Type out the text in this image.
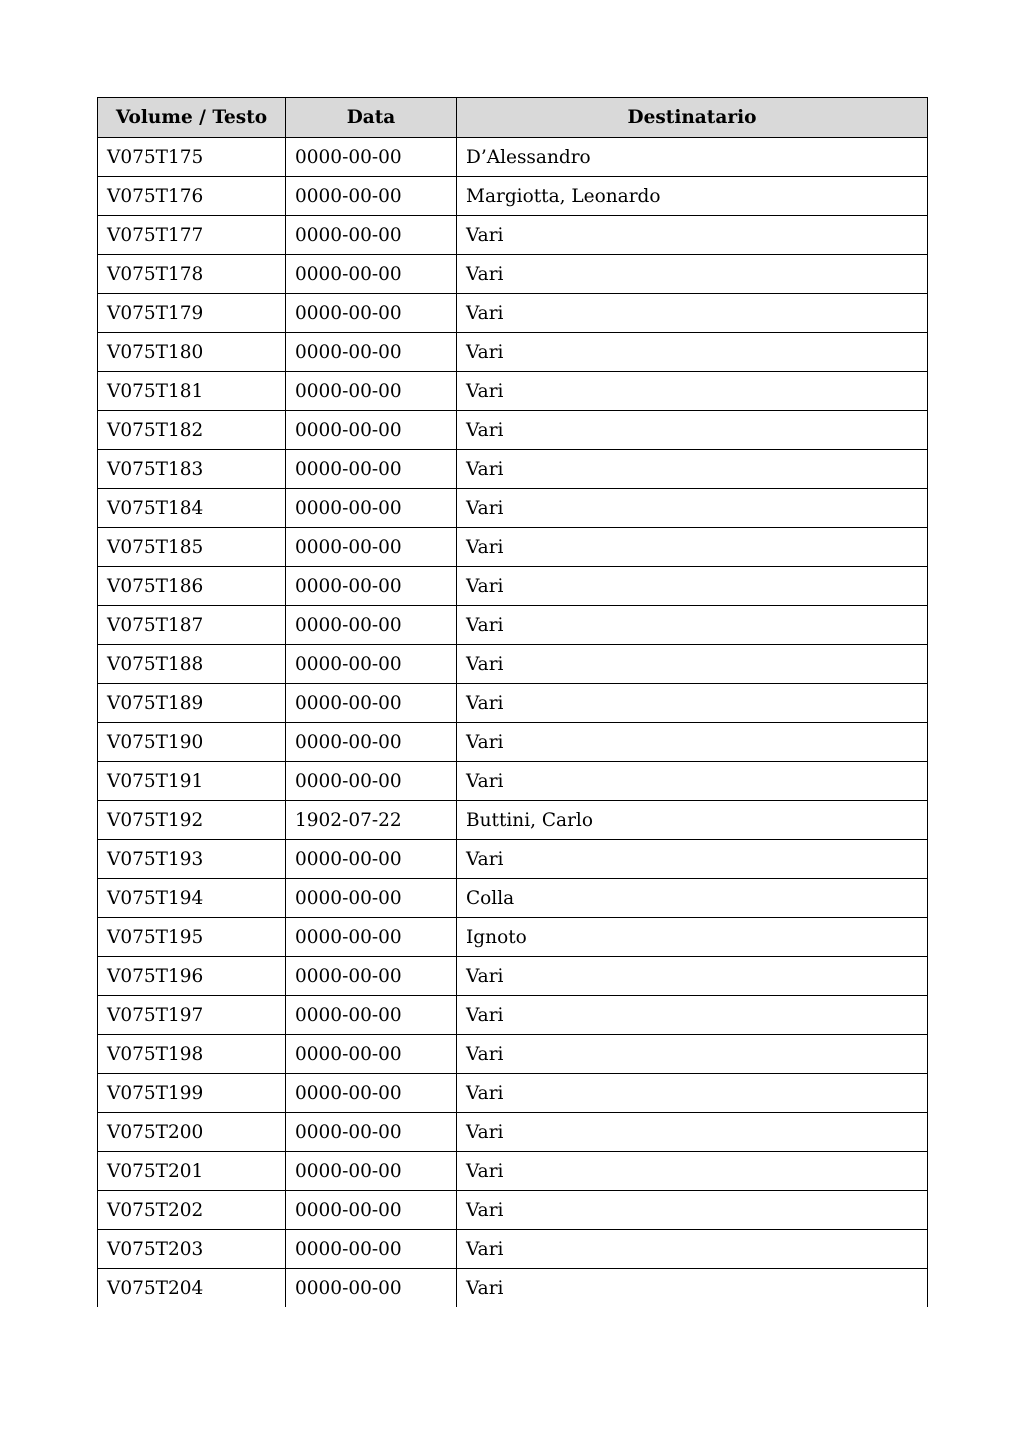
Volume / Testo	Data	Destinatario
V075T175	0000-00-00	D’Alessandro
V075T176	0000-00-00	Margiotta, Leonardo
V075T177	0000-00-00	Vari
V075T178	0000-00-00	Vari
V075T179	0000-00-00	Vari
V075T180	0000-00-00	Vari
V075T181	0000-00-00	Vari
V075T182	0000-00-00	Vari
V075T183	0000-00-00	Vari
V075T184	0000-00-00	Vari
V075T185	0000-00-00	Vari
V075T186	0000-00-00	Vari
V075T187	0000-00-00	Vari
V075T188	0000-00-00	Vari
V075T189	0000-00-00	Vari
V075T190	0000-00-00	Vari
V075T191	0000-00-00	Vari
V075T192	1902-07-22	Buttini, Carlo
V075T193	0000-00-00	Vari
V075T194	0000-00-00	Colla
V075T195	0000-00-00	Ignoto
V075T196	0000-00-00	Vari
V075T197	0000-00-00	Vari
V075T198	0000-00-00	Vari
V075T199	0000-00-00	Vari
V075T200	0000-00-00	Vari
V075T201	0000-00-00	Vari
V075T202	0000-00-00	Vari
V075T203	0000-00-00	Vari
V075T204	0000-00-00	Vari
